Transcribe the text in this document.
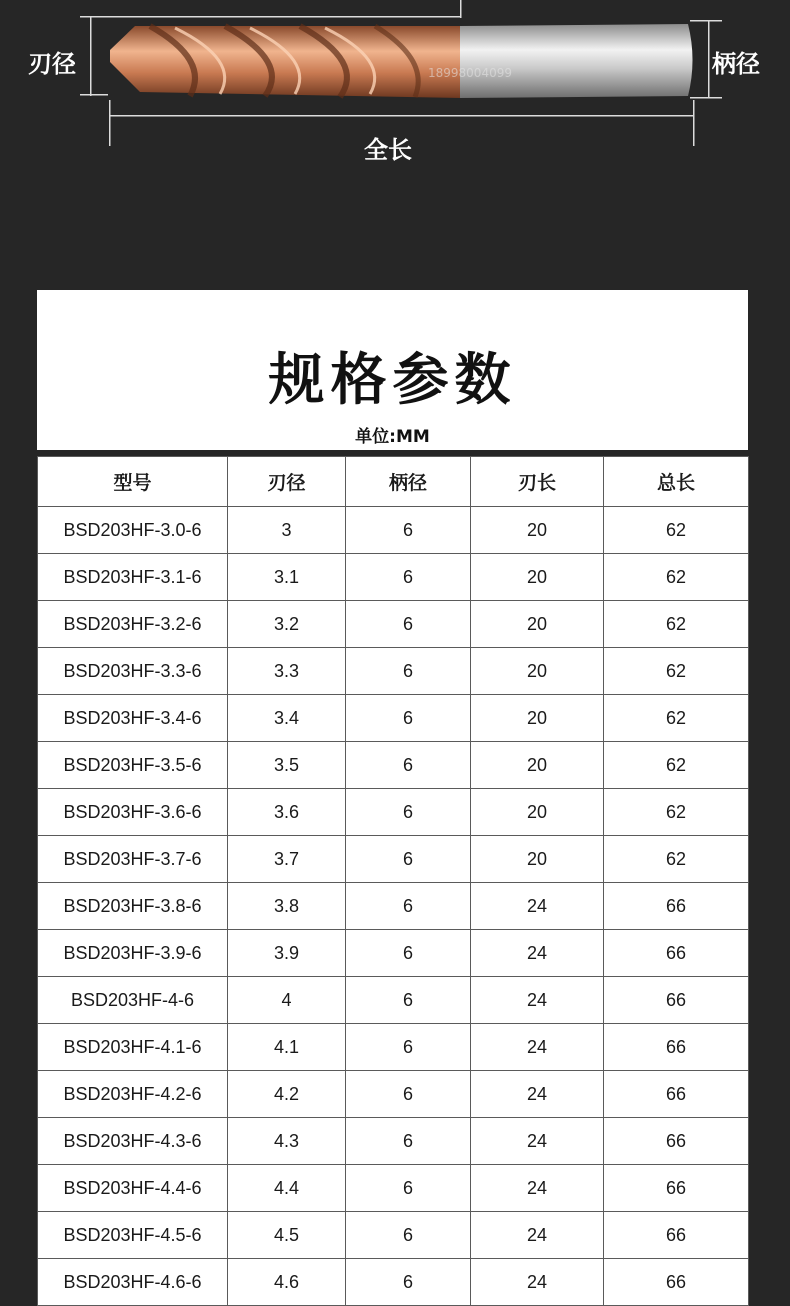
刃径	柄径
全长
18998004099
规格参数
单位:MM
型号	刃径	柄径	刃长	总长
BSD203HF-3.0-6	3	6	20	62
BSD203HF-3.1-6	3.1	6	20	62
BSD203HF-3.2-6	3.2	6	20	62
BSD203HF-3.3-6	3.3	6	20	62
BSD203HF-3.4-6	3.4	6	20	62
BSD203HF-3.5-6	3.5	6	20	62
BSD203HF-3.6-6	3.6	6	20	62
BSD203HF-3.7-6	3.7	6	20	62
BSD203HF-3.8-6	3.8	6	24	66
BSD203HF-3.9-6	3.9	6	24	66
BSD203HF-4-6	4	6	24	66
BSD203HF-4.1-6	4.1	6	24	66
BSD203HF-4.2-6	4.2	6	24	66
BSD203HF-4.3-6	4.3	6	24	66
BSD203HF-4.4-6	4.4	6	24	66
BSD203HF-4.5-6	4.5	6	24	66
BSD203HF-4.6-6	4.6	6	24	66
